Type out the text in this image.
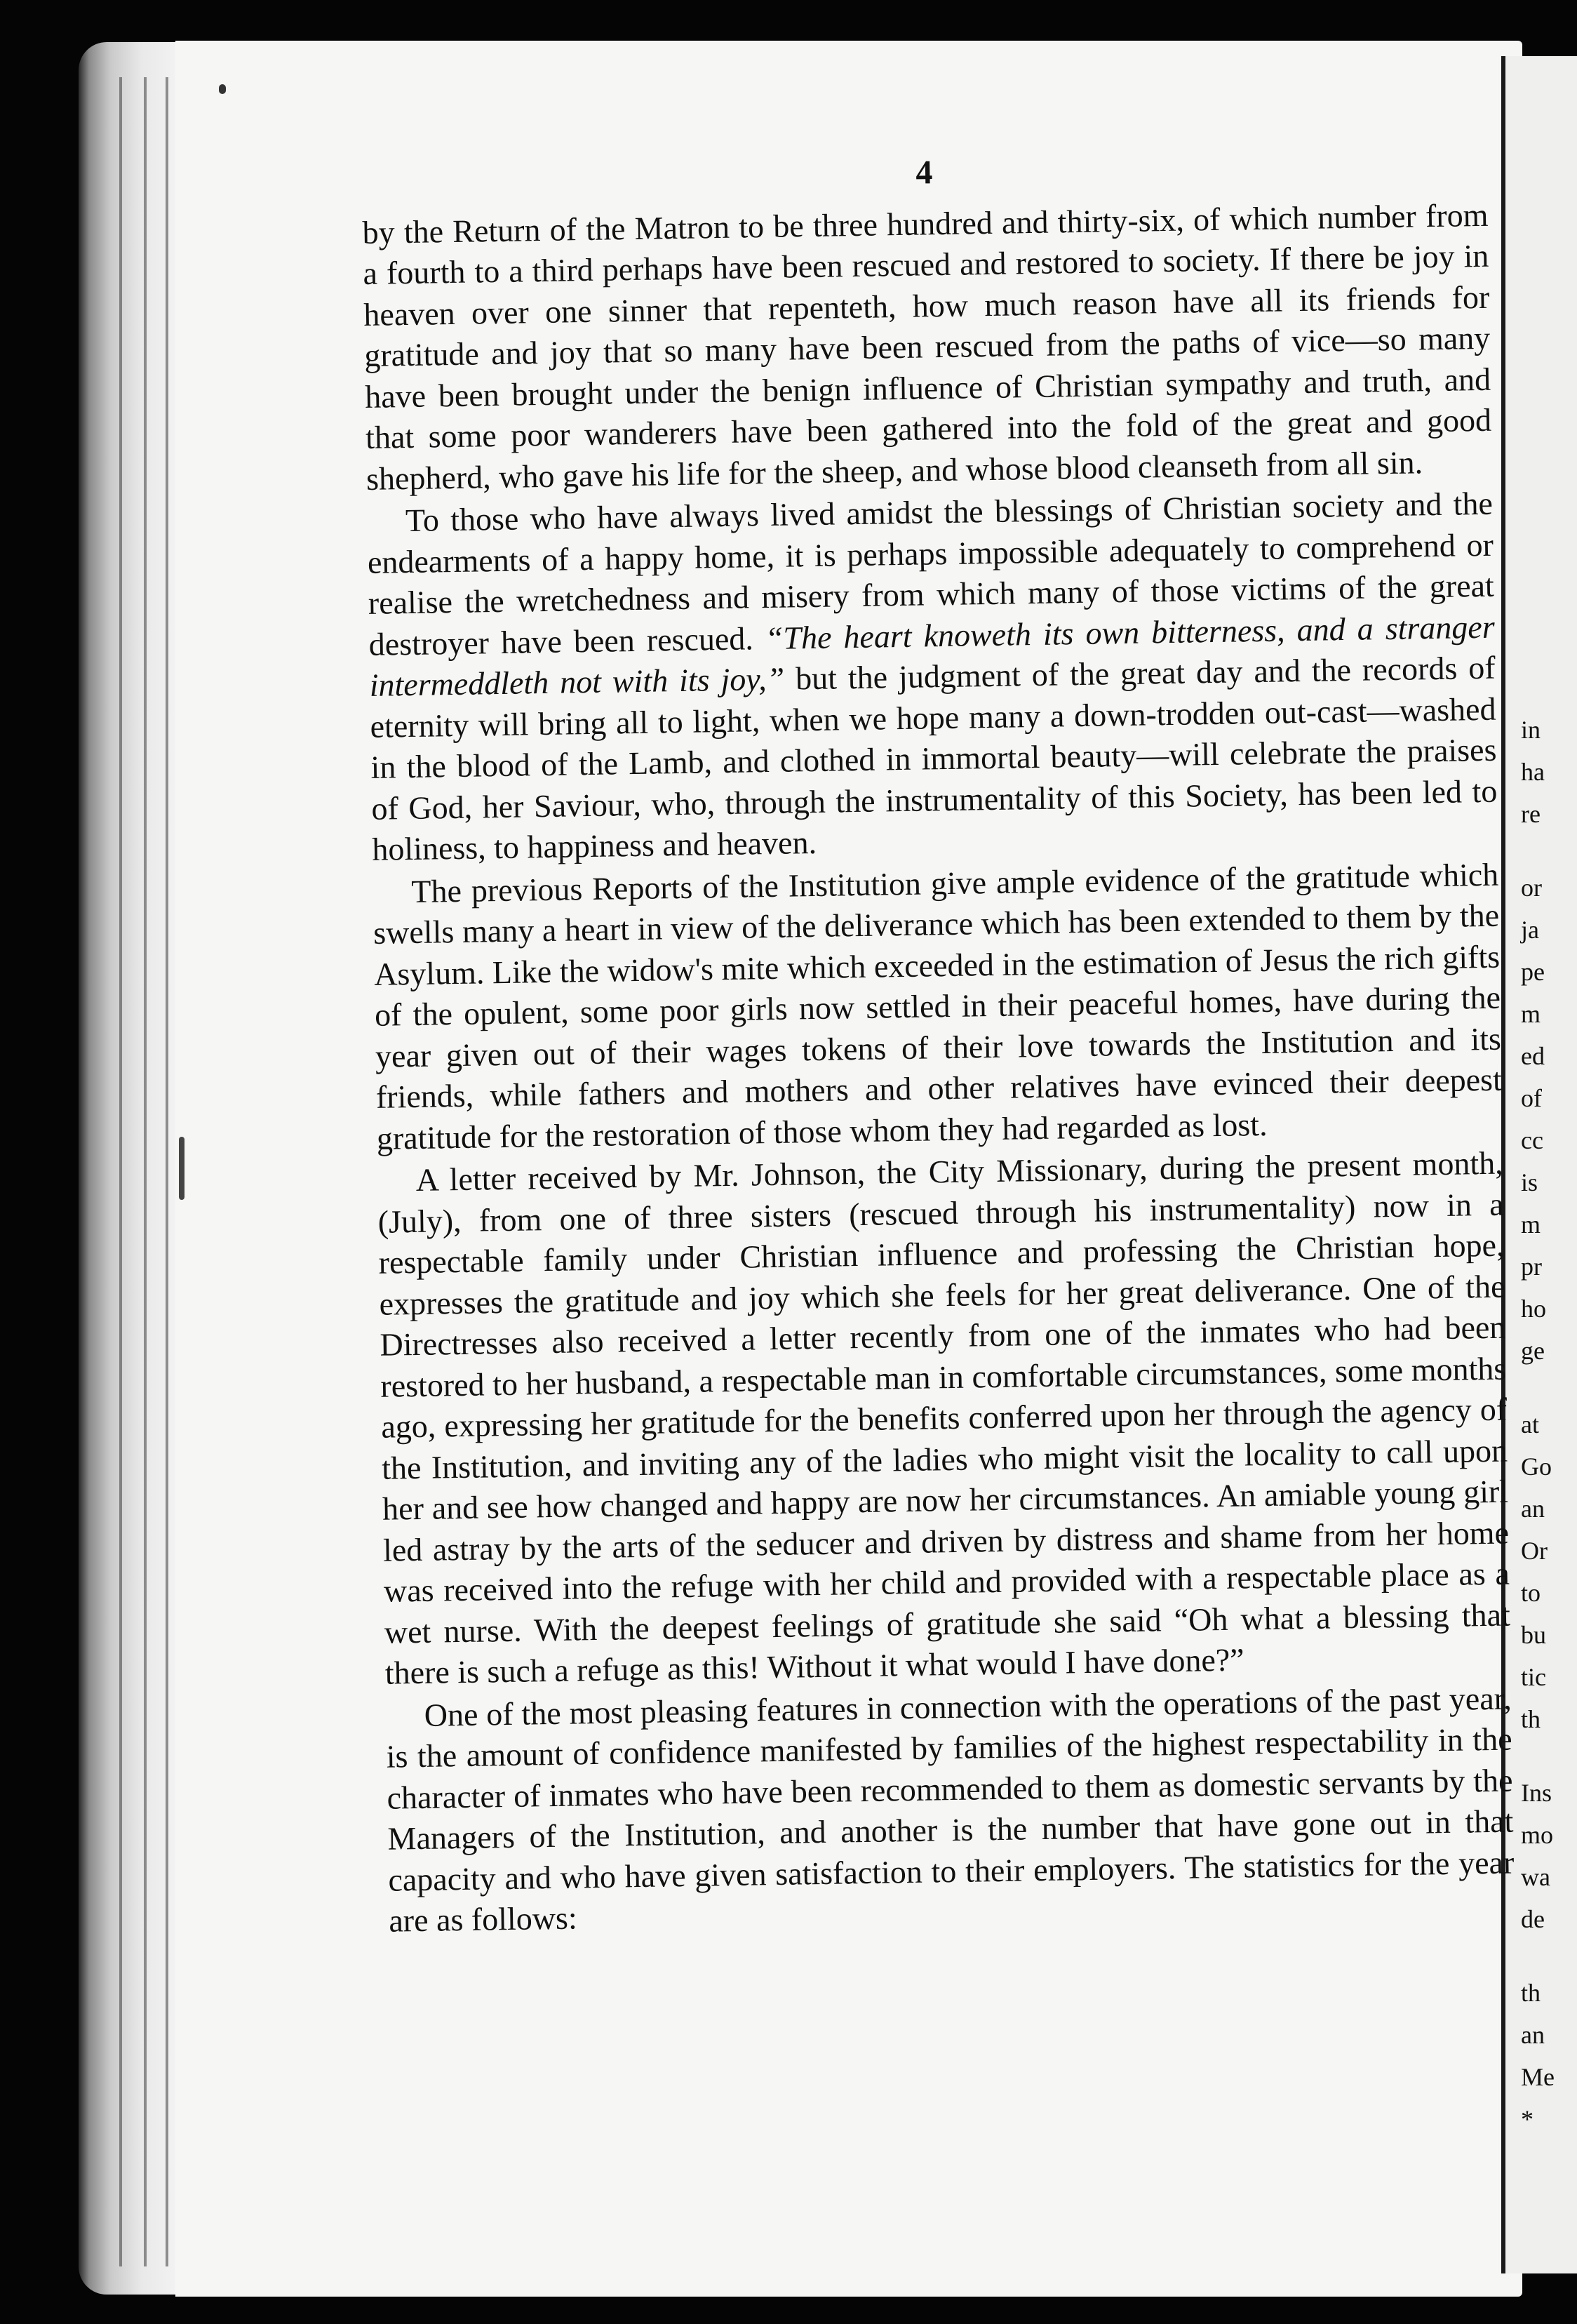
in
ha
re
or
ja
pe
m
ed
of
cc
is
m
pr
ho
ge
at
Go
an
Or
to
bu
tic
th
Ins
mo
wa
de
th
an
Me
*
4

by the Return of the Matron to be three hundred and thirty-six, of which number from a fourth to a third perhaps have been rescued and restored to society. If there be joy in heaven over one sinner that repenteth, how much reason have all its friends for gratitude and joy that so many have been rescued from the paths of vice—so many have been brought under the benign influence of Christian sympathy and truth, and that some poor wanderers have been gathered into the fold of the great and good shepherd, who gave his life for the sheep, and whose blood cleanseth from all sin.

To those who have always lived amidst the blessings of Christian society and the endearments of a happy home, it is perhaps impossible adequately to comprehend or realise the wretchedness and misery from which many of those victims of the great destroyer have been rescued. “The heart knoweth its own bitterness, and a stranger intermeddleth not with its joy,” but the judgment of the great day and the records of eternity will bring all to light, when we hope many a down-trodden out-cast—washed in the blood of the Lamb, and clothed in immortal beauty—will celebrate the praises of God, her Saviour, who, through the instrumentality of this Society, has been led to holiness, to happiness and heaven.

The previous Reports of the Institution give ample evidence of the gratitude which swells many a heart in view of the deliverance which has been extended to them by the Asylum. Like the widow's mite which exceeded in the estimation of Jesus the rich gifts of the opulent, some poor girls now settled in their peaceful homes, have during the year given out of their wages tokens of their love towards the Institution and its friends, while fathers and mothers and other relatives have evinced their deepest gratitude for the restoration of those whom they had regarded as lost.

A letter received by Mr. Johnson, the City Missionary, during the present month, (July), from one of three sisters (rescued through his instrumentality) now in a respectable family under Christian influence and professing the Christian hope, expresses the gratitude and joy which she feels for her great deliverance. One of the Directresses also received a letter recently from one of the inmates who had been restored to her husband, a respectable man in comfortable circumstances, some months ago, expressing her gratitude for the benefits conferred upon her through the agency of the Institution, and inviting any of the ladies who might visit the locality to call upon her and see how changed and happy are now her circumstances. An amiable young girl led astray by the arts of the seducer and driven by distress and shame from her home was received into the refuge with her child and provided with a respectable place as a wet nurse. With the deepest feelings of gratitude she said “Oh what a blessing that there is such a refuge as this! Without it what would I have done?”

One of the most pleasing features in connection with the operations of the past year, is the amount of confidence manifested by families of the highest respectability in the character of inmates who have been recommended to them as domestic servants by the Managers of the Institution, and another is the number that have gone out in that capacity and who have given satisfaction to their employers. The statistics for the year are as follows:
